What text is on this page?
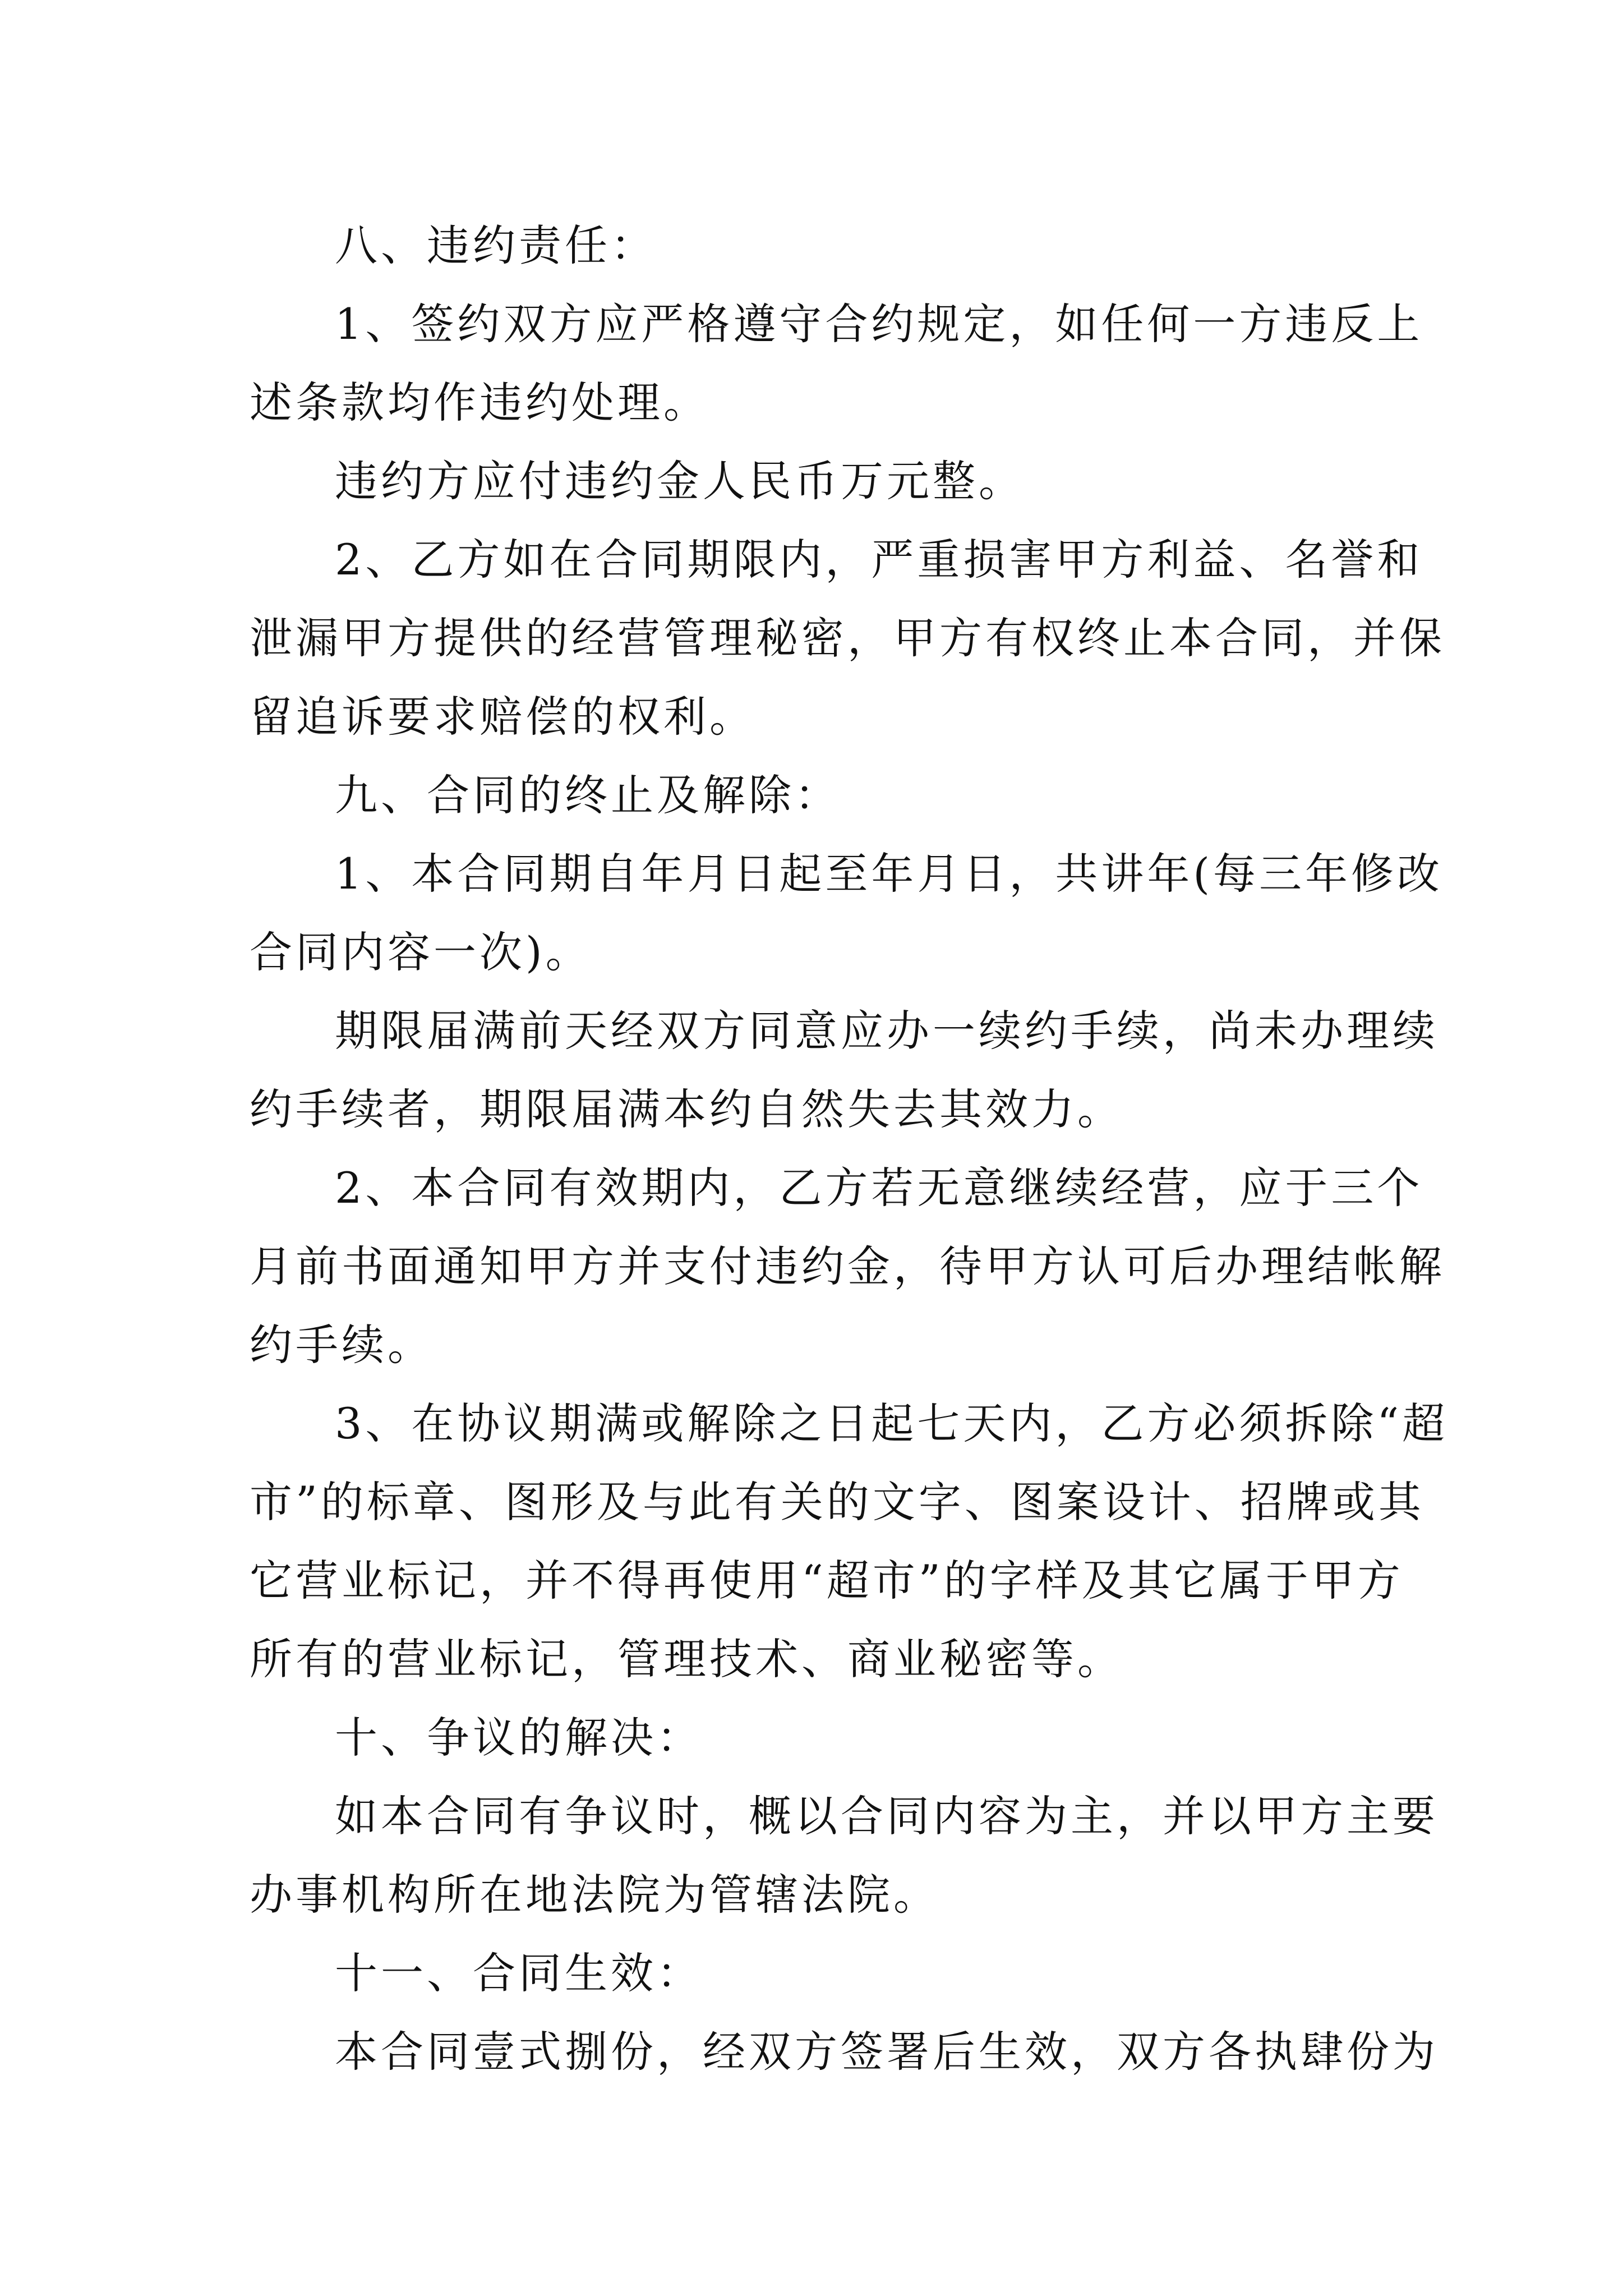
八、违约责任：
1、签约双方应严格遵守合约规定，如任何一方违反上
述条款均作违约处理。
违约方应付违约金人民币万元整。
2、乙方如在合同期限内，严重损害甲方利益、名誉和
泄漏甲方提供的经营管理秘密，甲方有权终止本合同，并保
留追诉要求赔偿的权利。
九、合同的终止及解除：
1、本合同期自年月日起至年月日，共讲年(每三年修改
合同内容一次)。
期限届满前天经双方同意应办一续约手续，尚未办理续
约手续者，期限届满本约自然失去其效力。
2、本合同有效期内，乙方若无意继续经营，应于三个
月前书面通知甲方并支付违约金，待甲方认可后办理结帐解
约手续。
3、在协议期满或解除之日起七天内，乙方必须拆除“超
市”的标章、图形及与此有关的文字、图案设计、招牌或其
它营业标记，并不得再使用“超市”的字样及其它属于甲方
所有的营业标记，管理技术、商业秘密等。
十、争议的解决：
如本合同有争议时，概以合同内容为主，并以甲方主要
办事机构所在地法院为管辖法院。
十一、合同生效：
本合同壹式捌份，经双方签署后生效，双方各执肆份为
